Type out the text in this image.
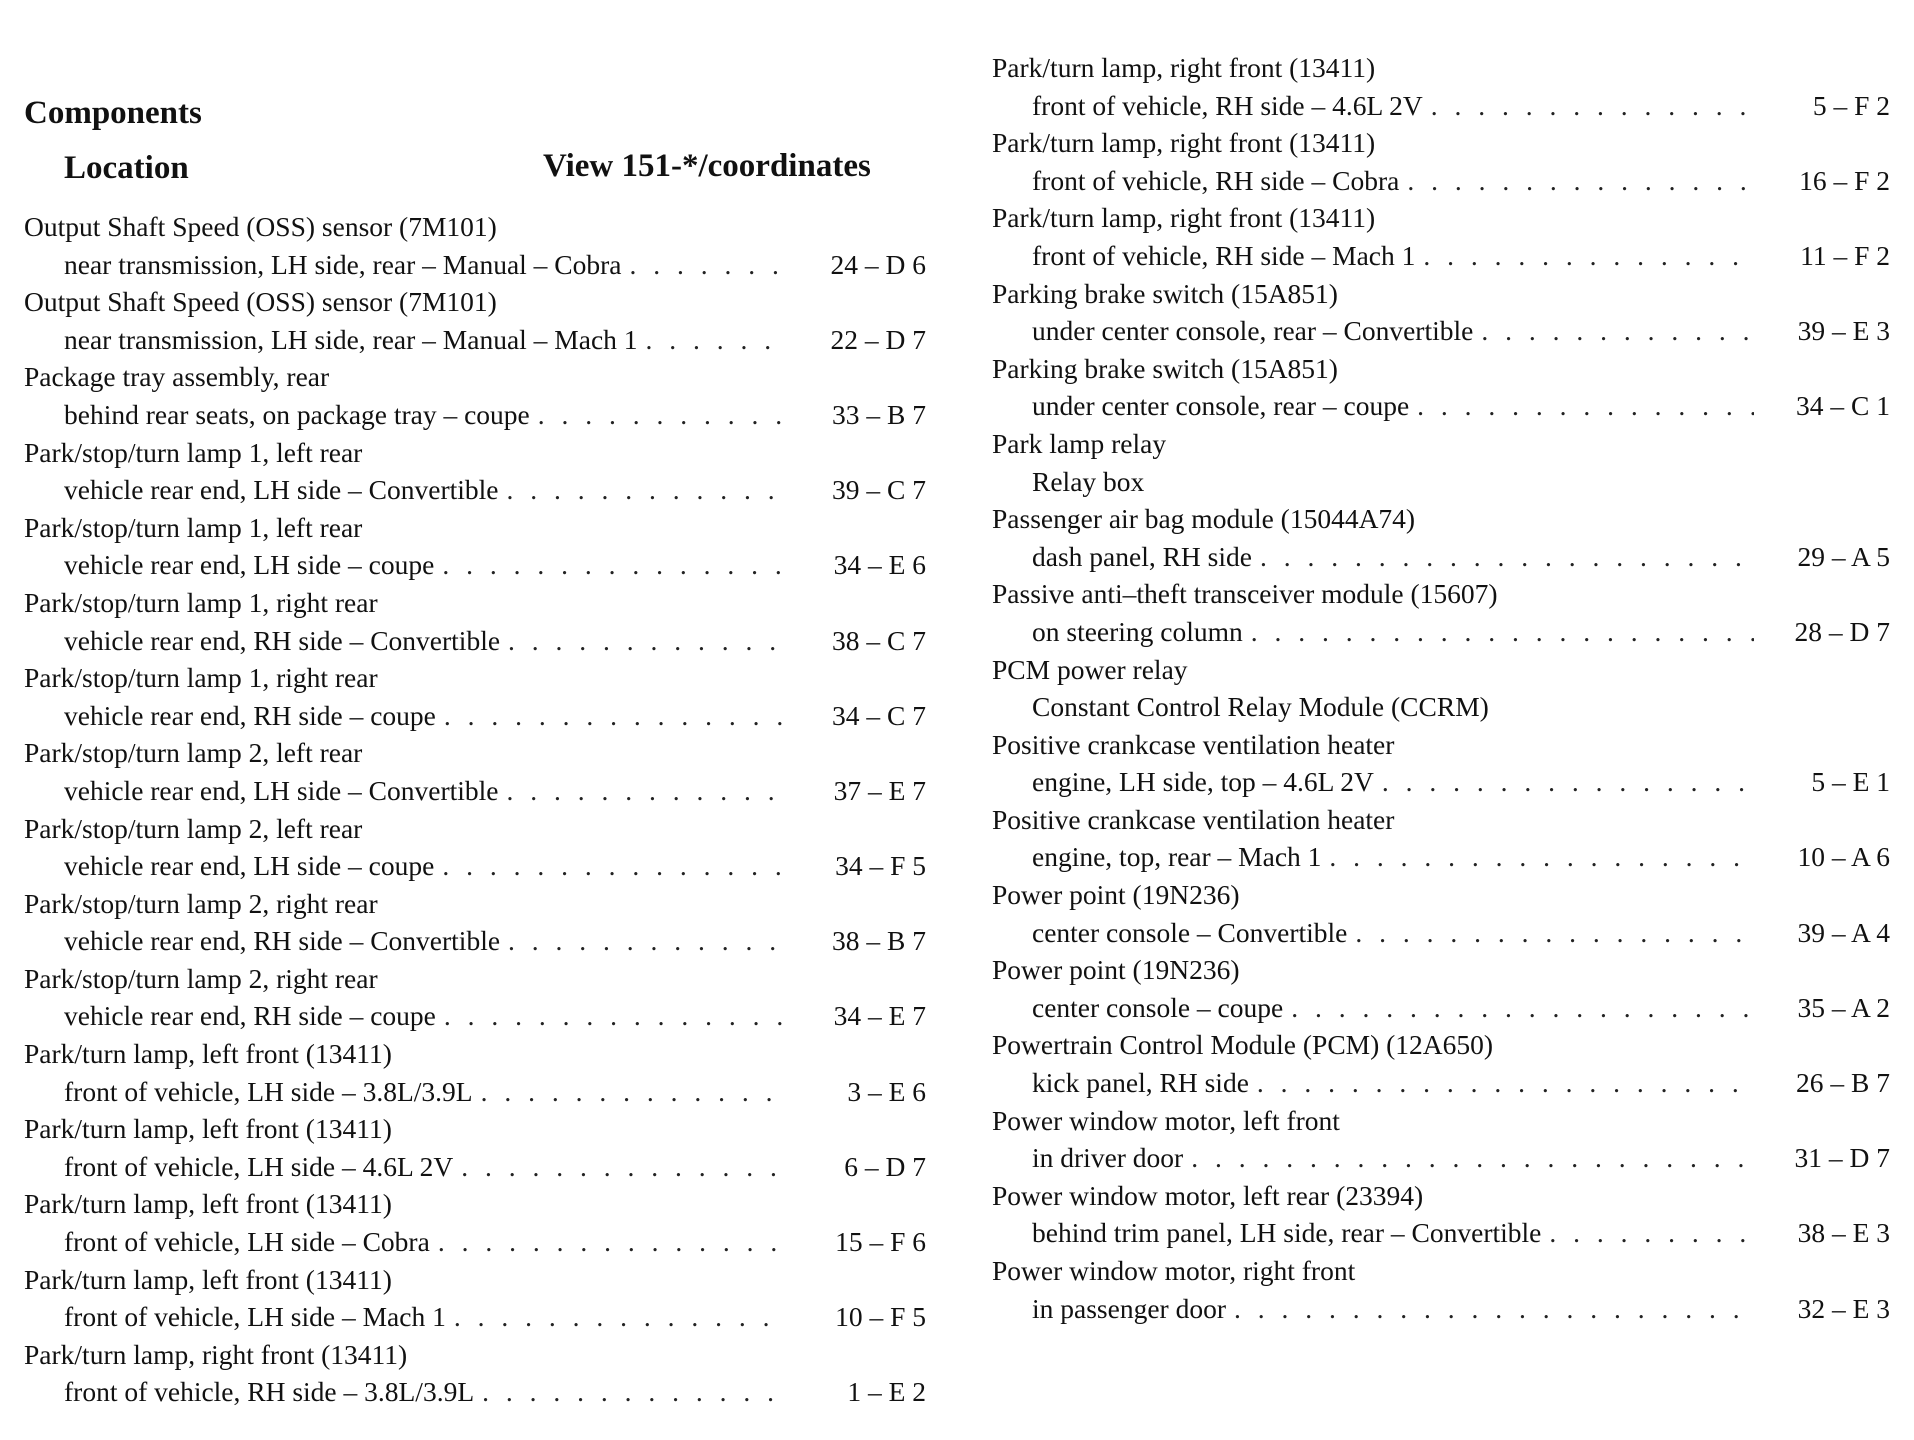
Components
Location	View 151-*/coordinates
Output Shaft Speed (OSS) sensor (7M101)
near transmission, LH side, rear – Manual – Cobra . . .	24 – D 6
Output Shaft Speed (OSS) sensor (7M101)
near transmission, LH side, rear – Manual – Mach 1 . . .	22 – D 7
Package tray assembly, rear
behind rear seats, on package tray – coupe . . .	33 – B 7
Park/stop/turn lamp 1, left rear
vehicle rear end, LH side – Convertible . . .	39 – C 7
Park/stop/turn lamp 1, left rear
vehicle rear end, LH side – coupe . . .	34 – E 6
Park/stop/turn lamp 1, right rear
vehicle rear end, RH side – Convertible . . .	38 – C 7
Park/stop/turn lamp 1, right rear
vehicle rear end, RH side – coupe . . .	34 – C 7
Park/stop/turn lamp 2, left rear
vehicle rear end, LH side – Convertible . . .	37 – E 7
Park/stop/turn lamp 2, left rear
vehicle rear end, LH side – coupe . . .	34 – F 5
Park/stop/turn lamp 2, right rear
vehicle rear end, RH side – Convertible . . .	38 – B 7
Park/stop/turn lamp 2, right rear
vehicle rear end, RH side – coupe . . .	34 – E 7
Park/turn lamp, left front (13411)
front of vehicle, LH side – 3.8L/3.9L . . .	3 – E 6
Park/turn lamp, left front (13411)
front of vehicle, LH side – 4.6L 2V . . .	6 – D 7
Park/turn lamp, left front (13411)
front of vehicle, LH side – Cobra . . .	15 – F 6
Park/turn lamp, left front (13411)
front of vehicle, LH side – Mach 1 . . .	10 – F 5
Park/turn lamp, right front (13411)
front of vehicle, RH side – 3.8L/3.9L . . .	1 – E 2
Park/turn lamp, right front (13411)
front of vehicle, RH side – 4.6L 2V . . .	5 – F 2
Park/turn lamp, right front (13411)
front of vehicle, RH side – Cobra . . .	16 – F 2
Park/turn lamp, right front (13411)
front of vehicle, RH side – Mach 1 . . .	11 – F 2
Parking brake switch (15A851)
under center console, rear – Convertible . . .	39 – E 3
Parking brake switch (15A851)
under center console, rear – coupe . . .	34 – C 1
Park lamp relay
Relay box
Passenger air bag module (15044A74)
dash panel, RH side . . .	29 – A 5
Passive anti–theft transceiver module (15607)
on steering column . . .	28 – D 7
PCM power relay
Constant Control Relay Module (CCRM)
Positive crankcase ventilation heater
engine, LH side, top – 4.6L 2V . . .	5 – E 1
Positive crankcase ventilation heater
engine, top, rear – Mach 1 . . .	10 – A 6
Power point (19N236)
center console – Convertible . . .	39 – A 4
Power point (19N236)
center console – coupe . . .	35 – A 2
Powertrain Control Module (PCM) (12A650)
kick panel, RH side . . .	26 – B 7
Power window motor, left front
in driver door . . .	31 – D 7
Power window motor, left rear (23394)
behind trim panel, LH side, rear – Convertible . . .	38 – E 3
Power window motor, right front
in passenger door . . .	32 – E 3
